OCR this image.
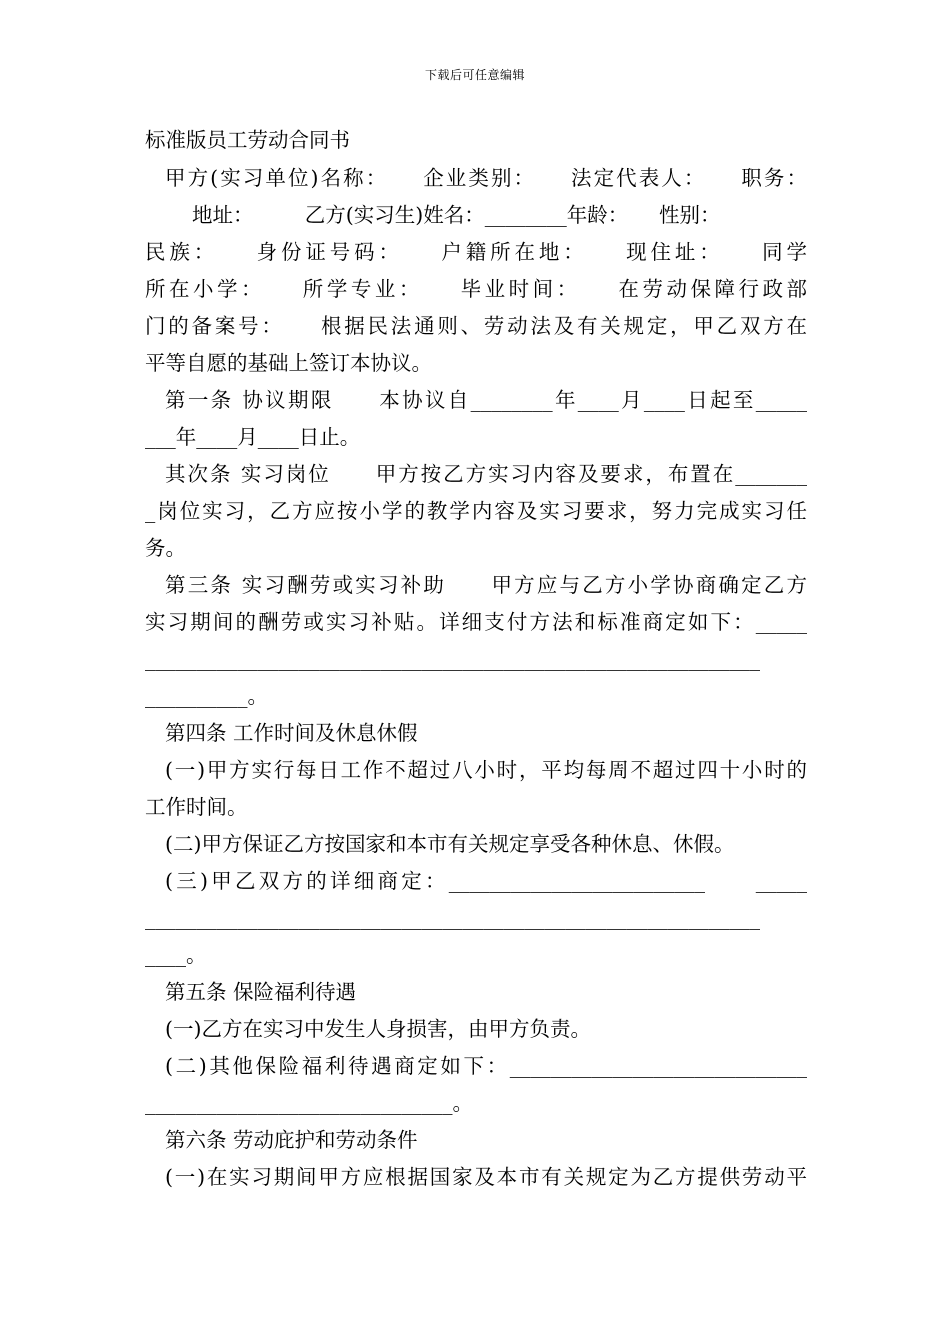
下载后可任意编辑
标准版员工劳动合同书
甲方(实习单位)名称：　　企业类别：　　法定代表人：　　职务：
地址：　　　乙方(实习生)姓名：________年龄：　　性别：
民族：　　身份证号码：　　户籍所在地：　　现住址：　　同学
所在小学：　　所学专业：　　毕业时间：　　在劳动保障行政部
门的备案号：　　根据民法通则、劳动法及有关规定，甲乙双方在
平等自愿的基础上签订本协议。
第一条 协议期限　　本协议自________年____月____日起至_____
___年____月____日止。
其次条 实习岗位　　甲方按乙方实习内容及要求，布置在_______
_岗位实习，乙方应按小学的教学内容及实习要求，努力完成实习任
务。
第三条 实习酬劳或实习补助　　甲方应与乙方小学协商确定乙方
实习期间的酬劳或实习补贴。详细支付方法和标准商定如下：_____
____________________________________________________________
__________。
第四条 工作时间及休息休假
(一)甲方实行每日工作不超过八小时，平均每周不超过四十小时的
工作时间。
(二)甲方保证乙方按国家和本市有关规定享受各种休息、休假。
(三)甲乙双方的详细商定：_________________________　　_____
____________________________________________________________
____。
第五条 保险福利待遇
(一)乙方在实习中发生人身损害，由甲方负责。
(二)其他保险福利待遇商定如下：_____________________________
______________________________。
第六条 劳动庇护和劳动条件
(一)在实习期间甲方应根据国家及本市有关规定为乙方提供劳动平
